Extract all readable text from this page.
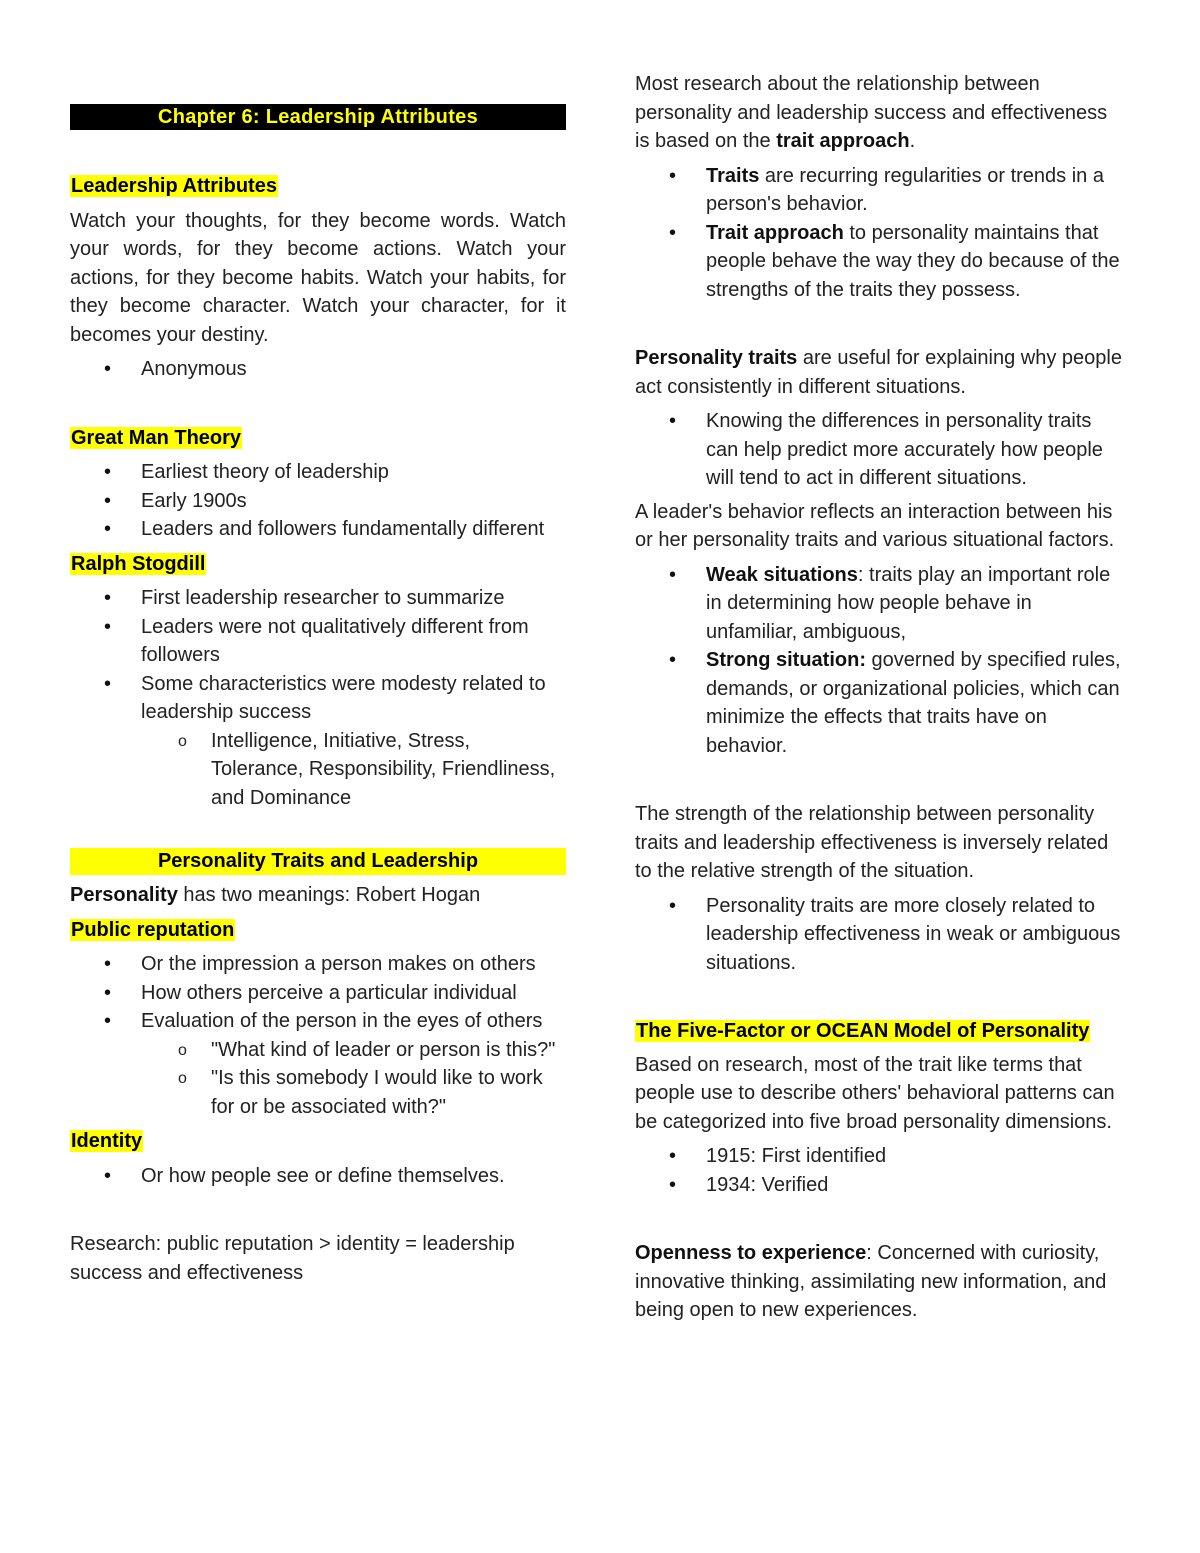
Chapter 6: Leadership Attributes

Leadership Attributes

Watch your thoughts, for they become words. Watch your words, for they become actions. Watch your actions, for they become habits. Watch your habits, for they become character. Watch your character, for it becomes your destiny.

• Anonymous

Great Man Theory

• Earliest theory of leadership
• Early 1900s
• Leaders and followers fundamentally different

Ralph Stogdill

• First leadership researcher to summarize
• Leaders were not qualitatively different from followers
• Some characteristics were modesty related to leadership success
o Intelligence, Initiative, Stress, Tolerance, Responsibility, Friendliness, and Dominance
Personality Traits and Leadership

Personality has two meanings: Robert Hogan

Public reputation

• Or the impression a person makes on others
• How others perceive a particular individual
• Evaluation of the person in the eyes of others
o "What kind of leader or person is this?"
o "Is this somebody I would like to work for or be associated with?"

Identity

• Or how people see or define themselves.

Research: public reputation > identity = leadership success and effectiveness

Most research about the relationship between personality and leadership success and effectiveness is based on the trait approach.

• Traits are recurring regularities or trends in a person's behavior.
• Trait approach to personality maintains that people behave the way they do because of the strengths of the traits they possess.

Personality traits are useful for explaining why people act consistently in different situations.

• Knowing the differences in personality traits can help predict more accurately how people will tend to act in different situations.

A leader's behavior reflects an interaction between his or her personality traits and various situational factors.

• Weak situations: traits play an important role in determining how people behave in unfamiliar, ambiguous,
• Strong situation: governed by specified rules, demands, or organizational policies, which can minimize the effects that traits have on behavior.

The strength of the relationship between personality traits and leadership effectiveness is inversely related to the relative strength of the situation.

• Personality traits are more closely related to leadership effectiveness in weak or ambiguous situations.

The Five-Factor or OCEAN Model of Personality

Based on research, most of the trait like terms that people use to describe others' behavioral patterns can be categorized into five broad personality dimensions.

• 1915: First identified
• 1934: Verified

Openness to experience: Concerned with curiosity, innovative thinking, assimilating new information, and being open to new experiences.
